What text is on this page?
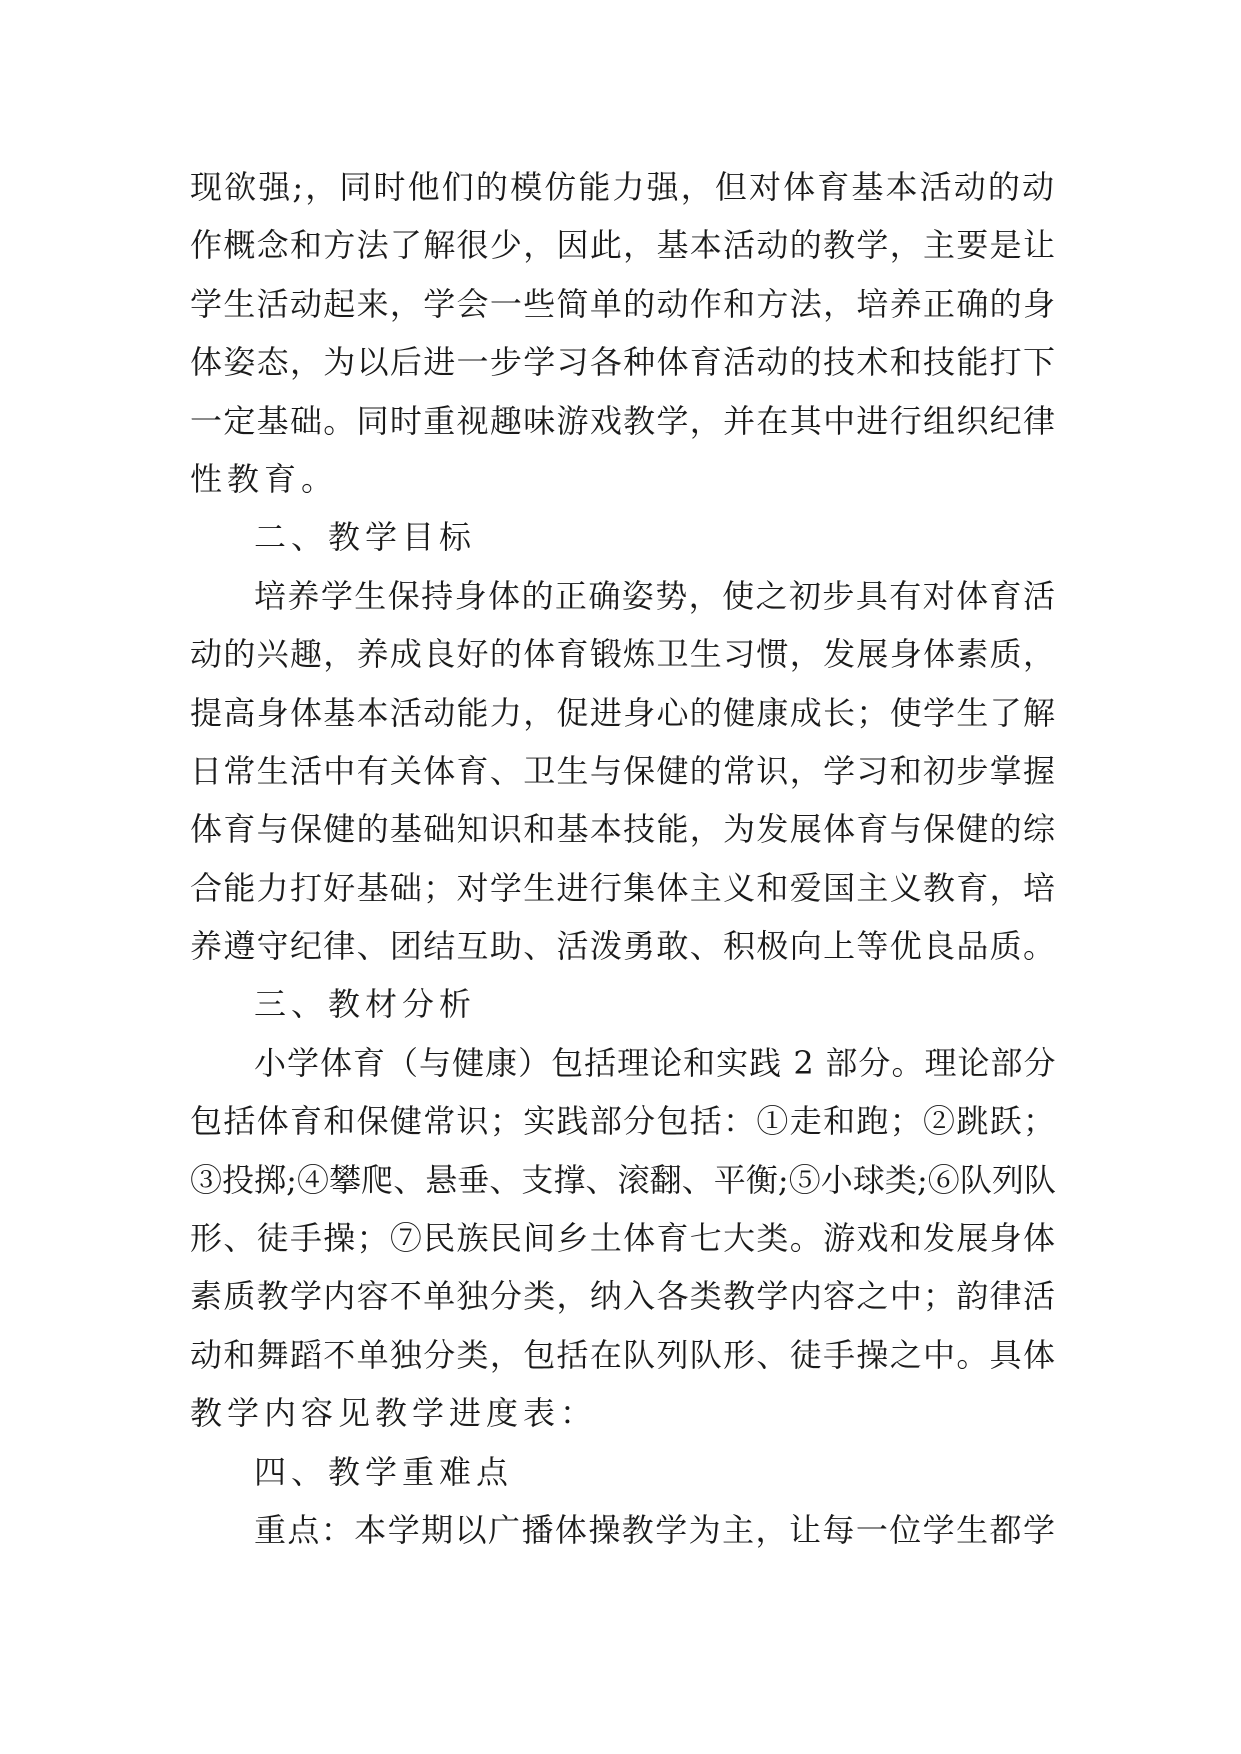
现欲强;，同时他们的模仿能力强，但对体育基本活动的动
作概念和方法了解很少，因此，基本活动的教学，主要是让
学生活动起来，学会一些简单的动作和方法，培养正确的身
体姿态，为以后进一步学习各种体育活动的技术和技能打下
一定基础。同时重视趣味游戏教学，并在其中进行组织纪律
性教育。
二、教学目标
培养学生保持身体的正确姿势，使之初步具有对体育活
动的兴趣，养成良好的体育锻炼卫生习惯，发展身体素质，
提高身体基本活动能力，促进身心的健康成长；使学生了解
日常生活中有关体育、卫生与保健的常识，学习和初步掌握
体育与保健的基础知识和基本技能，为发展体育与保健的综
合能力打好基础；对学生进行集体主义和爱国主义教育，培
养遵守纪律、团结互助、活泼勇敢、积极向上等优良品质。
三、教材分析
小学体育（与健康）包括理论和实践 2 部分。理论部分
包括体育和保健常识；实践部分包括：①走和跑；②跳跃；
③投掷;④攀爬、悬垂、支撑、滚翻、平衡;⑤小球类;⑥队列队
形、徒手操；⑦民族民间乡土体育七大类。游戏和发展身体
素质教学内容不单独分类，纳入各类教学内容之中；韵律活
动和舞蹈不单独分类，包括在队列队形、徒手操之中。具体
教学内容见教学进度表：
四、教学重难点
重点：本学期以广播体操教学为主，让每一位学生都学
